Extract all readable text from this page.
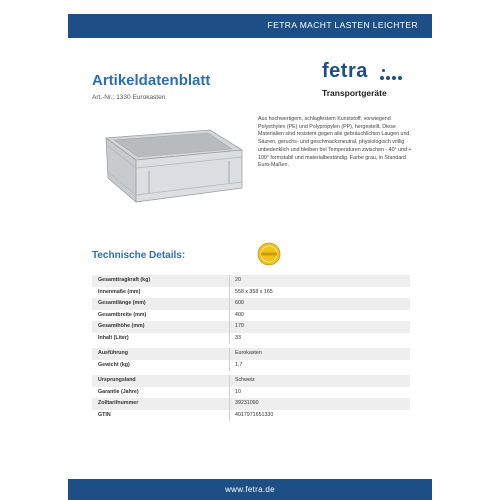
FETRA MACHT LASTEN LEICHTER
Artikeldatenblatt
Art.-Nr.: 1330 Eurokasten
fetra
Transportgeräte
Aus hochwertigem, schlagfestem Kunststoff, vorwiegend Polyethylen (PE) und Polypropylen (PP), hergestellt. Diese Materialien sind resistent gegen alle gebräuchlichen Laugen und Säuren, geruchs- und geschmacksneutral, physiologisch völlig unbedenklich und bleiben bei Temperaturen zwischen - 40° und + 100° formstabil und materialbeständig. Farbe grau, in Standard Euro-Maßen.
Technische Details:
Gesamttragkraft (kg)	20
Innenmaße (mm)	558 x 358 x 165
Gesamtlänge (mm)	600
Gesamtbreite (mm)	400
Gesamthöhe (mm)	170
Inhalt (Liter)	33
Ausführung	Eurokasten
Gewicht (kg)	1,7
Ursprungsland	Schweiz
Garantie (Jahre)	10
Zolltarifnummer	39231090
GTIN	4017971651330
www.fetra.de
